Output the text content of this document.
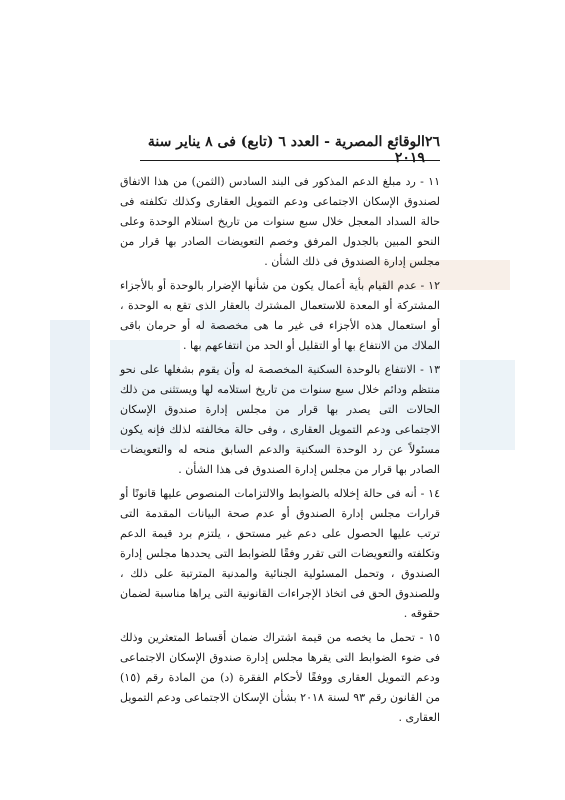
٢٦
الوقائع المصرية - العدد ٦ (تابع) فى ٨ يناير سنة ٢٠١٩

١١ - رد مبلغ الدعم المذكور فى البند السادس (الثمن) من هذا الاتفاق لصندوق الإسكان الاجتماعى ودعم التمويل العقارى وكذلك تكلفته فى حالة السداد المعجل خلال سبع سنوات من تاريخ استلام الوحدة وعلى النحو المبين بالجدول المرفق وخصم التعويضات الصادر بها قرار من مجلس إدارة الصندوق فى ذلك الشأن .

١٢ - عدم القيام بأية أعمال يكون من شأنها الإضرار بالوحدة أو بالأجزاء المشتركة أو المعدة للاستعمال المشترك بالعقار الذى تقع به الوحدة ، أو استعمال هذه الأجزاء فى غير ما هى مخصصة له أو حرمان باقى الملاك من الانتفاع بها أو التقليل أو الحد من انتفاعهم بها .

١٣ - الانتفاع بالوحدة السكنية المخصصة له وأن يقوم بشغلها على نحو منتظم ودائم خلال سبع سنوات من تاريخ استلامه لها ويستثنى من ذلك الحالات التى يصدر بها قرار من مجلس إدارة صندوق الإسكان الاجتماعى ودعم التمويل العقارى ، وفى حالة مخالفته لذلك فإنه يكون مسئولاً عن رد الوحدة السكنية والدعم السابق منحه له والتعويضات الصادر بها قرار من مجلس إدارة الصندوق فى هذا الشأن .

١٤ - أنه فى حالة إخلاله بالضوابط والالتزامات المنصوص عليها قانونًا أو قرارات مجلس إدارة الصندوق أو عدم صحة البيانات المقدمة التى ترتب عليها الحصول على دعم غير مستحق ، يلتزم برد قيمة الدعم وتكلفته والتعويضات التى تقرر وفقًا للضوابط التى يحددها مجلس إدارة الصندوق ، وتحمل المسئولية الجنائية والمدنية المترتبة على ذلك ، وللصندوق الحق فى اتخاذ الإجراءات القانونية التى يراها مناسبة لضمان حقوقه .

١٥ - تحمل ما يخصه من قيمة اشتراك ضمان أقساط المتعثرين وذلك فى ضوء الضوابط التى يقرها مجلس إدارة صندوق الإسكان الاجتماعى ودعم التمويل العقارى ووفقًا لأحكام الفقرة (د) من المادة رقم (١٥) من القانون رقم ٩٣ لسنة ٢٠١٨ بشأن الإسكان الاجتماعى ودعم التمويل العقارى .
